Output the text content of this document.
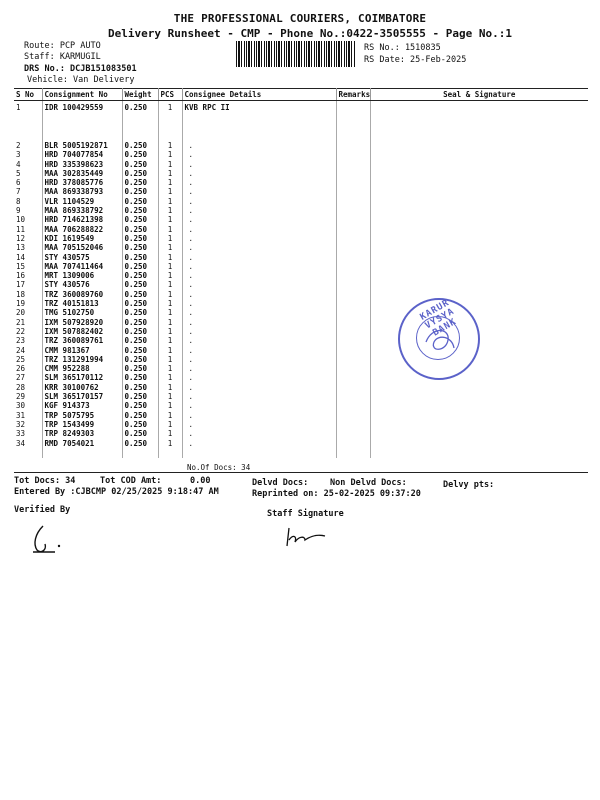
THE PROFESSIONAL COURIERS, COIMBATORE
Delivery Runsheet - CMP - Phone No.:0422-3505555 - Page No.:1
Route: PCP AUTO
Staff: KARMUGIL
DRS No.: DCJB151083501
Vehicle: Van Delivery
RS No.: 1510835
RS Date: 25-Feb-2025
S No	Consignment No	Weight	PCS	Consignee Details	Remarks	Seal & Signature
1	IDR 100429559	0.250	1	KVB RPC II		
2	BLR 5005192871	0.250	1	.		
3	HRD 704077854	0.250	1	.		
4	HRD 335398623	0.250	1	.		
5	MAA 302835449	0.250	1	.		
6	HRD 378085776	0.250	1	.		
7	MAA 869338793	0.250	1	.		
8	VLR 1104529	0.250	1	.		
9	MAA 869338792	0.250	1	.		
10	HRD 714621398	0.250	1	.		
11	MAA 706288822	0.250	1	.		
12	KDI 1619549	0.250	1	.		
13	MAA 705152046	0.250	1	.		
14	STY 430575	0.250	1	.		
15	MAA 707411464	0.250	1	.		
16	MRT 1309006	0.250	1	.		
17	STY 430576	0.250	1	.		
18	TRZ 360089760	0.250	1	.		
19	TRZ 40151813	0.250	1	.		
20	TMG 5102750	0.250	1	.		
21	IXM 507928920	0.250	1	.		
22	IXM 507882402	0.250	1	.		
23	TRZ 360089761	0.250	1	.		
24	CMM 981367	0.250	1	.		
25	TRZ 131291994	0.250	1	.		
26	CMM 952288	0.250	1	.		
27	SLM 365170112	0.250	1	.		
28	KRR 30100762	0.250	1	.		
29	SLM 365170157	0.250	1	.		
30	KGF 914373	0.250	1	.		
31	TRP 5075795	0.250	1	.		
32	TRP 1543499	0.250	1	.		
33	TRP 8249303	0.250	1	.		
34	RMD 7054021	0.250	1	.		

No.Of Docs: 34
Tot Docs: 34	Tot COD Amt:	0.00	Delvd Docs:	Non Delvd Docs:	Delvy pts:
Entered By :CJBCMP 02/25/2025 9:18:47 AM	Reprinted on: 25-02-2025 09:37:20
Verified By	Staff Signature
KARUR VYSYA BANK
